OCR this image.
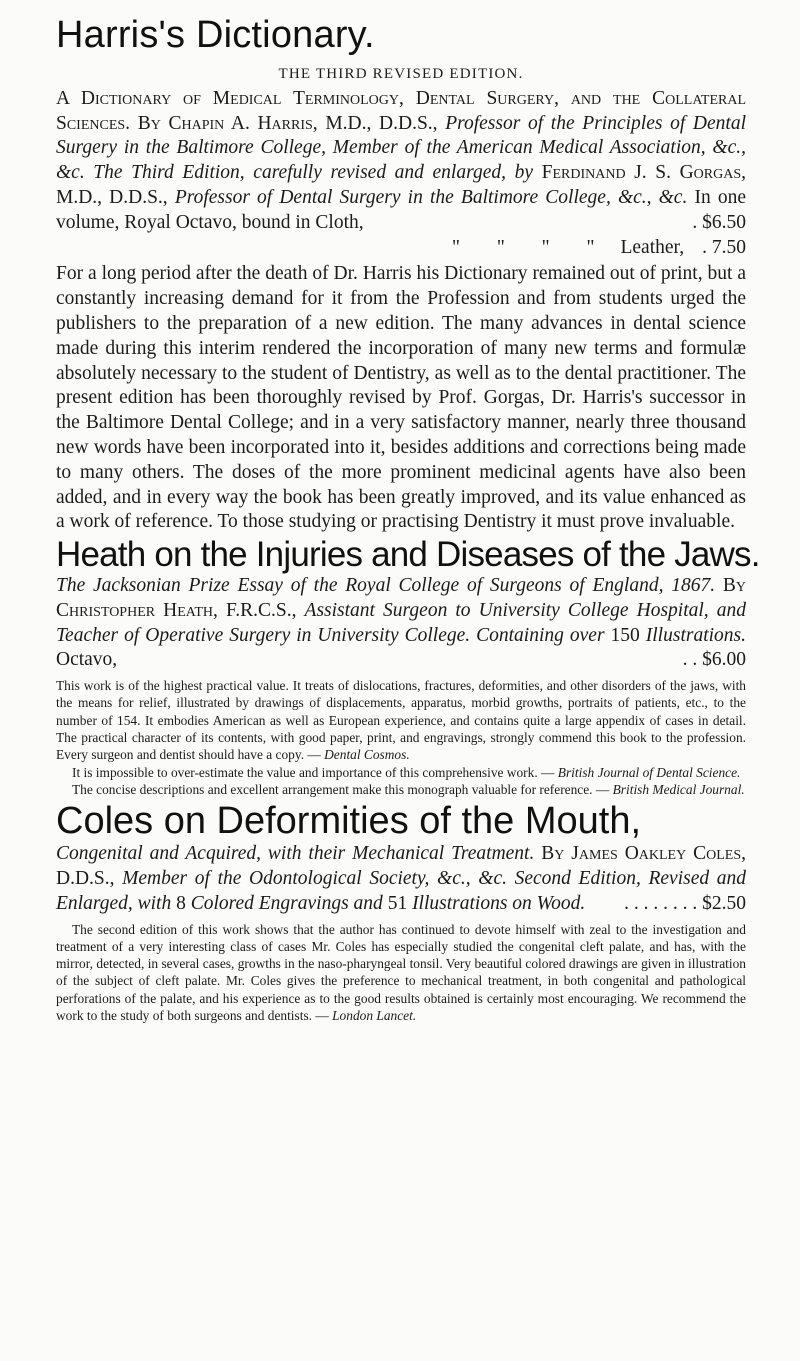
Harris's Dictionary.
THE THIRD REVISED EDITION.

A Dictionary of Medical Terminology, Dental Surgery, and the Collateral Sciences. By Chapin A. Harris, M.D., D.D.S., Professor of the Principles of Dental Surgery in the Baltimore College, Member of the American Medical Association, &c., &c. The Third Edition, carefully revised and enlarged, by Ferdinand J. S. Gorgas, M.D., D.D.S., Professor of Dental Surgery in the Baltimore College, &c., &c. In one volume, Royal Octavo, bound in Cloth,	. $6.50

" " " " Leather, . 7.50

For a long period after the death of Dr. Harris his Dictionary remained out of print, but a constantly increasing demand for it from the Profession and from students urged the publishers to the preparation of a new edition. The many advances in dental science made during this interim rendered the incorporation of many new terms and formulæ absolutely necessary to the student of Dentistry, as well as to the dental practitioner. The present edition has been thoroughly revised by Prof. Gorgas, Dr. Harris's successor in the Baltimore Dental College; and in a very satisfactory manner, nearly three thousand new words have been incorporated into it, besides additions and corrections being made to many others. The doses of the more prominent medicinal agents have also been added, and in every way the book has been greatly improved, and its value enhanced as a work of reference. To those studying or practising Dentistry it must prove invaluable.

Heath on the Injuries and Diseases of the Jaws.

The Jacksonian Prize Essay of the Royal College of Surgeons of England, 1867. By Christopher Heath, F.R.C.S., Assistant Surgeon to University College Hospital, and Teacher of Operative Surgery in University College. Containing over 150 Illustrations. Octavo,	. . $6.00

This work is of the highest practical value. It treats of dislocations, fractures, deformities, and other disorders of the jaws, with the means for relief, illustrated by drawings of displacements, apparatus, morbid growths, portraits of patients, etc., to the number of 154. It embodies American as well as European experience, and contains quite a large appendix of cases in detail. The practical character of its contents, with good paper, print, and engravings, strongly commend this book to the profession. Every surgeon and dentist should have a copy. — Dental Cosmos.

It is impossible to over-estimate the value and importance of this comprehensive work. — British Journal of Dental Science.

The concise descriptions and excellent arrangement make this monograph valuable for reference. — British Medical Journal.

Coles on Deformities of the Mouth,

Congenital and Acquired, with their Mechanical Treatment. By James Oakley Coles, D.D.S., Member of the Odontological Society, &c., &c. Second Edition, Revised and Enlarged, with 8 Colored Engravings and 51 Illustrations on Wood. . . . . . . . . $2.50

The second edition of this work shows that the author has continued to devote himself with zeal to the investigation and treatment of a very interesting class of cases Mr. Coles has especially studied the congenital cleft palate, and has, with the mirror, detected, in several cases, growths in the naso-pharyngeal tonsil. Very beautiful colored drawings are given in illustration of the subject of cleft palate. Mr. Coles gives the preference to mechanical treatment, in both congenital and pathological perforations of the palate, and his experience as to the good results obtained is certainly most encouraging. We recommend the work to the study of both surgeons and dentists. — London Lancet.
